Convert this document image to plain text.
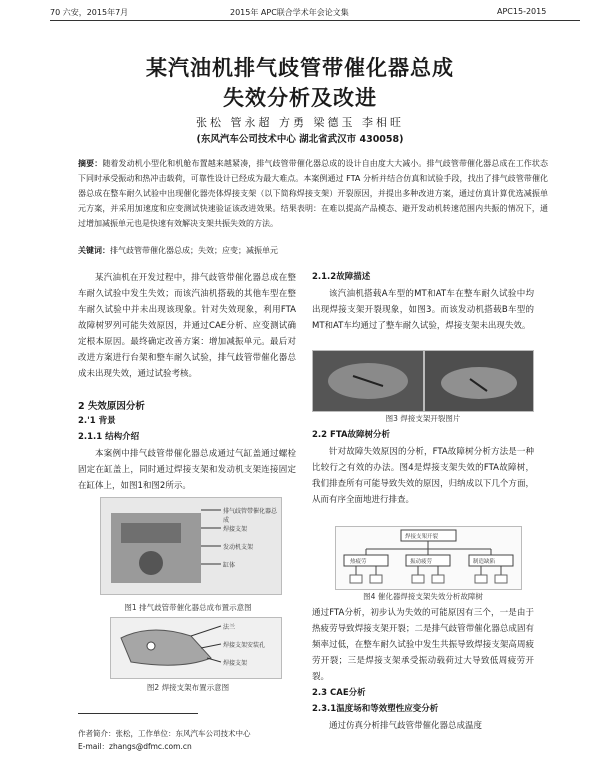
70 六安，2015年7月	2015年 APC联合学术年会论文集	APC15-2015
某汽油机排气歧管带催化器总成
失效分析及改进
张松 管永超 方勇 梁德玉 李相旺
(东风汽车公司技术中心 湖北省武汉市 430058)
摘要：随着发动机小型化和机舱布置越来越紧凑，排气歧管带催化器总成的设计自由度大大减小。排气歧管带催化器总成在工作状态下同时承受振动和热冲击载荷，可靠性设计已经成为最大难点。本案例通过 FTA 分析并结合仿真和试验手段，找出了排气歧管带催化器总成在整车耐久试验中出现催化器壳体焊接支架（以下简称焊接支架）开裂原因，并提出多种改进方案，通过仿真计算优选减振单元方案，并采用加速度和应变测试快速验证该改进效果。结果表明：在难以提高产品模态、避开发动机转速范围内共振的情况下，通过增加减振单元也是快速有效解决支架共振失效的方法。
关键词：排气歧管带催化器总成；失效；应变；减振单元
某汽油机在开发过程中，排气歧管带催化器总成在整车耐久试验中发生失效；而该汽油机搭载的其他车型在整车耐久试验中并未出现该现象。针对失效现象，利用FTA故障树罗列可能失效原因，并通过CAE分析、应变测试确定根本原因。最终确定改善方案：增加减振单元。最后对改进方案进行台架和整车耐久试验，排气歧管带催化器总成未出现失效，通过试验考核。
2 失效原因分析
2.'1 背景
2.1.1 结构介绍
本案例中排气歧管带催化器总成通过气缸盖通过螺栓固定在缸盖上，同时通过焊接支架和发动机支架连接固定在缸体上，如图1和图2所示。
排气歧管带催化器总成
焊接支架
发动机支架
缸体
图1 排气歧管带催化器总成布置示意图
法兰
焊接支架安装孔
焊接支架
图2 焊接支架布置示意图
2.1.2故障描述
该汽油机搭载A车型的MT和AT车在整车耐久试验中均出现焊接支架开裂现象，如图3。而该发动机搭载B车型的MT和AT车均通过了整车耐久试验，焊接支架未出现失效。
图3 焊接支架开裂图片
2.2 FTA故障树分析
针对故障失效原因的分析，FTA故障树分析方法是一种比较行之有效的办法。图4是焊接支架失效的FTA故障树，我们排查所有可能导致失效的原因，归纳成以下几个方面，从而有序全面地进行排查。
焊接支架开裂
热疲劳	振动疲劳	制造缺陷
图4 催化器焊接支架失效分析故障树
通过FTA分析，初步认为失效的可能原因有三个，一是由于热疲劳导致焊接支架开裂；二是排气歧管带催化器总成固有频率过低，在整车耐久试验中发生共振导致焊接支架高周疲劳开裂；三是焊接支架承受振动载荷过大导致低周疲劳开裂。
2.3 CAE分析
2.3.1温度场和等效塑性应变分析
通过仿真分析排气歧管带催化器总成温度
作者简介：张松，工作单位：东风汽车公司技术中心
E-mail：zhangs@dfmc.com.cn
